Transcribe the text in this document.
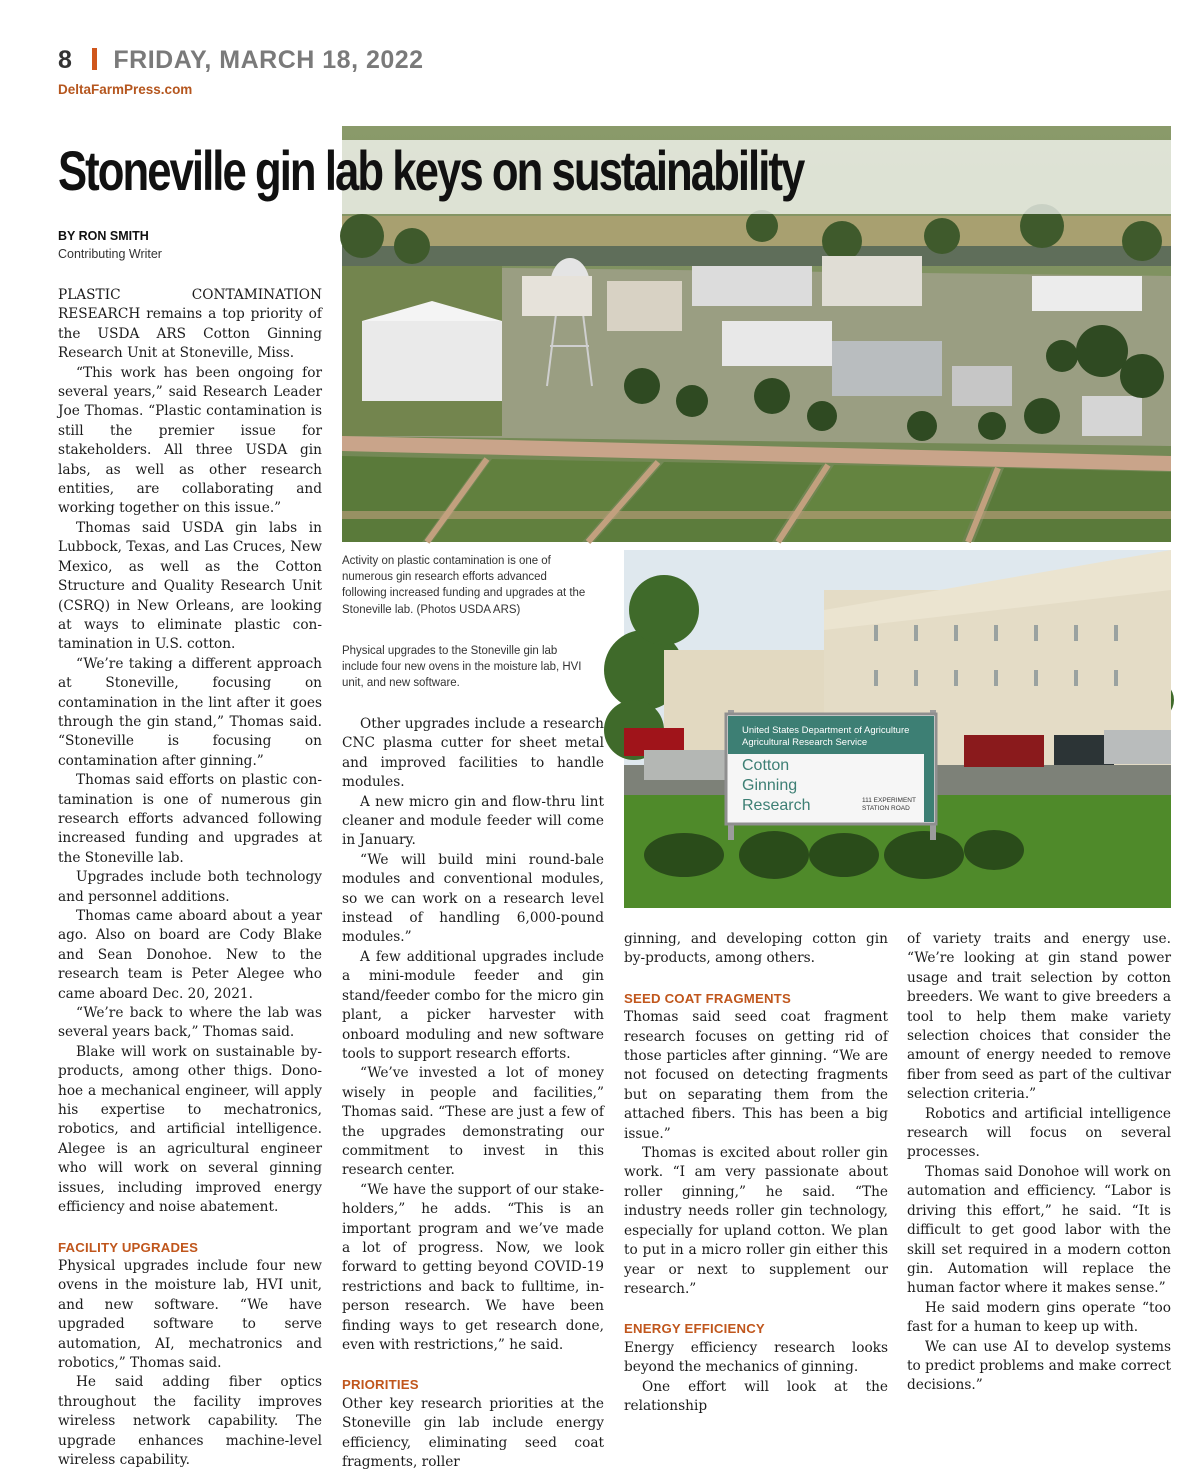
8 FRIDAY, MARCH 18, 2022
DeltaFarmPress.com
Stoneville gin lab keys on sustainability
BY RON SMITH
Contributing Writer
United States Department of Agriculture
Agricultural Research Service
Cotton
Ginning
Research	111 EXPERIMENT
STATION ROAD
Activity on plastic contamination is one of numerous gin research efforts advanced following increased funding and upgrades at the Stoneville lab. (Photos USDA ARS)
Physical upgrades to the Stoneville gin lab include four new ovens in the moisture lab, HVI unit, and new software.

PLASTIC CONTAMINATION RESEARCH remains a top priority of the USDA ARS Cotton Ginning Research Unit at Stoneville, Miss.

“This work has been ongoing for several years,” said Research Leader Joe Thomas. “Plastic contamination is still the premier issue for stakeholders. All three USDA gin labs, as well as other research entities, are collaborating and working together on this issue.”

Thomas said USDA gin labs in Lubbock, Texas, and Las Cruces, New Mexico, as well as the Cotton Structure and Quality Research Unit (CSRQ) in New Orleans, are looking at ways to eliminate plastic contamination in U.S. cotton.

“We’re taking a different approach at Stoneville, focusing on contamination in the lint after it goes through the gin stand,” Thomas said. “Stoneville is focusing on contamination after ginning.”

Thomas said efforts on plastic contamination is one of numerous gin research efforts advanced following increased funding and upgrades at the Stoneville lab.

Upgrades include both technology and personnel additions.

Thomas came aboard about a year ago. Also on board are Cody Blake and Sean Donohoe. New to the research team is Peter Alegee who came aboard Dec. 20, 2021.

“We’re back to where the lab was several years back,” Thomas said.

Blake will work on sustainable by-products, among other thigs. Donohoe a mechanical engineer, will apply his expertise to mechatronics, robotics, and artificial intelligence. Alegee is an agricultural engineer who will work on several ginning issues, including improved energy efficiency and noise abatement.

FACILITY UPGRADES

Physical upgrades include four new ovens in the moisture lab, HVI unit, and new software. “We have upgraded software to serve automation, AI, mechatronics and robotics,” Thomas said.

He said adding fiber optics throughout the facility improves wireless network capability. The upgrade enhances machine-level wireless capability.

Other upgrades include a research CNC plasma cutter for sheet metal and improved facilities to handle modules.

A new micro gin and flow-thru lint cleaner and module feeder will come in January.

“We will build mini round-bale modules and conventional modules, so we can work on a research level instead of handling 6,000-pound modules.”

A few additional upgrades include a mini-module feeder and gin stand/feeder combo for the micro gin plant, a picker harvester with onboard moduling and new software tools to support research efforts.

“We’ve invested a lot of money wisely in people and facilities,” Thomas said. “These are just a few of the upgrades demonstrating our commitment to invest in this research center.

“We have the support of our stakeholders,” he adds. “This is an important program and we’ve made a lot of progress. Now, we look forward to getting beyond COVID-19 restrictions and back to fulltime, in-person research. We have been finding ways to get research done, even with restrictions,” he said.

PRIORITIES

Other key research priorities at the Stoneville gin lab include energy efficiency, eliminating seed coat fragments, roller

ginning, and developing cotton gin by-products, among others.

SEED COAT FRAGMENTS

Thomas said seed coat fragment research focuses on getting rid of those particles after ginning. “We are not focused on detecting fragments but on separating them from the attached fibers. This has been a big issue.”

Thomas is excited about roller gin work. “I am very passionate about roller ginning,” he said. “The industry needs roller gin technology, especially for upland cotton. We plan to put in a micro roller gin either this year or next to supplement our research.”

ENERGY EFFICIENCY

Energy efficiency research looks beyond the mechanics of ginning.

One effort will look at the relationship

of variety traits and energy use. “We’re looking at gin stand power usage and trait selection by cotton breeders. We want to give breeders a tool to help them make variety selection choices that consider the amount of energy needed to remove fiber from seed as part of the cultivar selection criteria.”

Robotics and artificial intelligence research will focus on several processes.

Thomas said Donohoe will work on automation and efficiency. “Labor is driving this effort,” he said. “It is difficult to get good labor with the skill set required in a modern cotton gin. Automation will replace the human factor where it makes sense.”

He said modern gins operate “too fast for a human to keep up with.

We can use AI to develop systems to predict problems and make correct decisions.”
